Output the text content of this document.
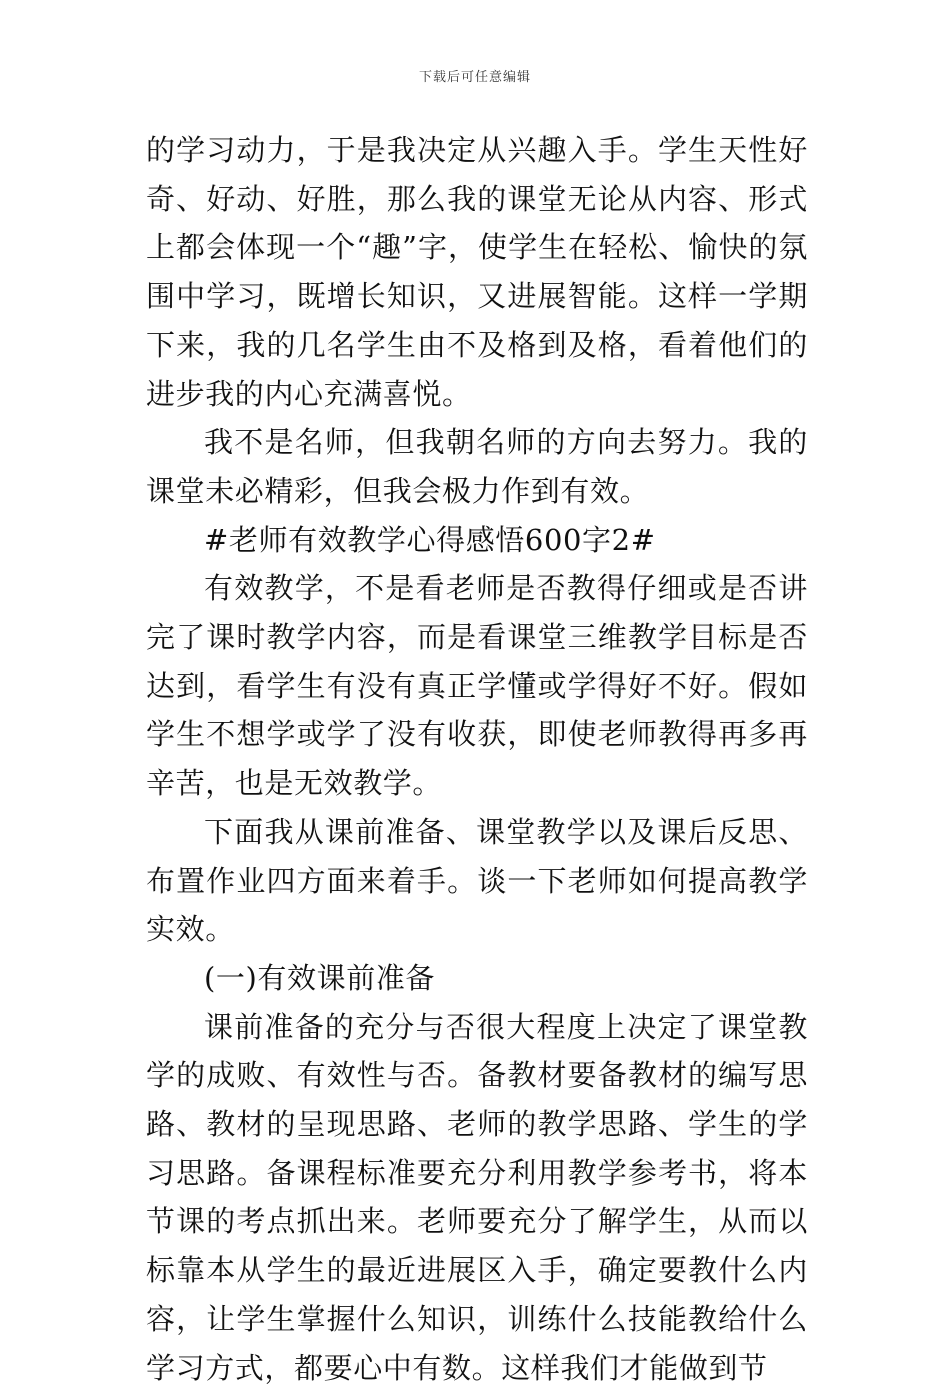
下载后可任意编辑

的学习动力，于是我决定从兴趣入手。学生天性好奇、好动、好胜，那么我的课堂无论从内容、形式上都会体现一个“趣”字，使学生在轻松、愉快的氛围中学习，既增长知识，又进展智能。这样一学期下来，我的几名学生由不及格到及格，看着他们的进步我的内心充满喜悦。

我不是名师，但我朝名师的方向去努力。我的课堂未必精彩，但我会极力作到有效。

#老师有效教学心得感悟600字2#

有效教学，不是看老师是否教得仔细或是否讲完了课时教学内容，而是看课堂三维教学目标是否达到，看学生有没有真正学懂或学得好不好。假如学生不想学或学了没有收获，即使老师教得再多再辛苦，也是无效教学。

下面我从课前准备、课堂教学以及课后反思、布置作业四方面来着手。谈一下老师如何提高教学实效。

(一)有效课前准备

课前准备的充分与否很大程度上决定了课堂教学的成败、有效性与否。备教材要备教材的编写思路、教材的呈现思路、老师的教学思路、学生的学习思路。备课程标准要充分利用教学参考书，将本节课的考点抓出来。老师要充分了解学生，从而以标靠本从学生的最近进展区入手，确定要教什么内容，让学生掌握什么知识，训练什么技能教给什么学习方式，都要心中有数。这样我们才能做到节
